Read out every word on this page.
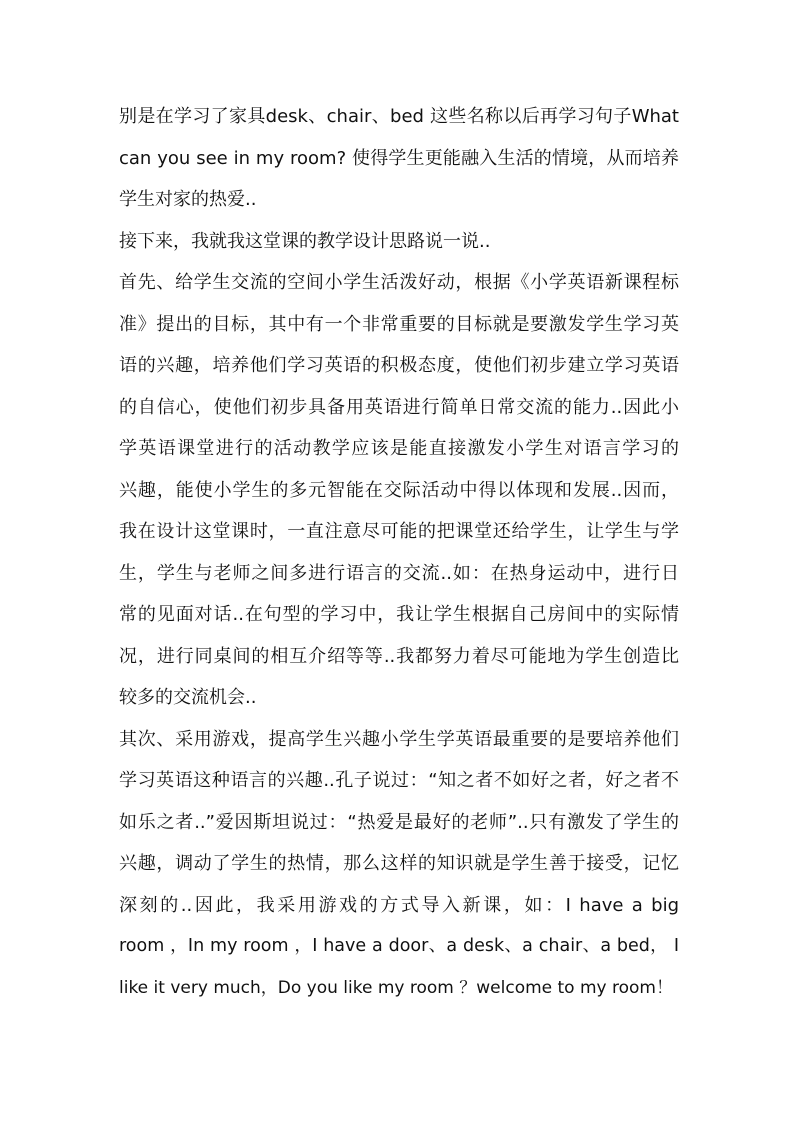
别是在学习了家具desk、chair、bed 这些名称以后再学习句子What
can you see in my room? 使得学生更能融入生活的情境，从而培养
学生对家的热爱..
接下来，我就我这堂课的教学设计思路说一说..
首先、给学生交流的空间小学生活泼好动，根据《小学英语新课程标
准》提出的目标，其中有一个非常重要的目标就是要激发学生学习英
语的兴趣，培养他们学习英语的积极态度，使他们初步建立学习英语
的自信心，使他们初步具备用英语进行简单日常交流的能力..因此小
学英语课堂进行的活动教学应该是能直接激发小学生对语言学习的
兴趣，能使小学生的多元智能在交际活动中得以体现和发展..因而，
我在设计这堂课时，一直注意尽可能的把课堂还给学生，让学生与学
生，学生与老师之间多进行语言的交流..如：在热身运动中，进行日
常的见面对话..在句型的学习中，我让学生根据自己房间中的实际情
况，进行同桌间的相互介绍等等..我都努力着尽可能地为学生创造比
较多的交流机会..
其次、采用游戏，提高学生兴趣小学生学英语最重要的是要培养他们
学习英语这种语言的兴趣..孔子说过：“知之者不如好之者，好之者不
如乐之者..”爱因斯坦说过：“热爱是最好的老师”..只有激发了学生的
兴趣，调动了学生的热情，那么这样的知识就是学生善于接受，记忆
深刻的..因此，我采用游戏的方式导入新课，如：I have a big
room ，In my room ，I have a door、a desk、a chair、a bed， I
like it very much，Do you like my room ？welcome to my room！
